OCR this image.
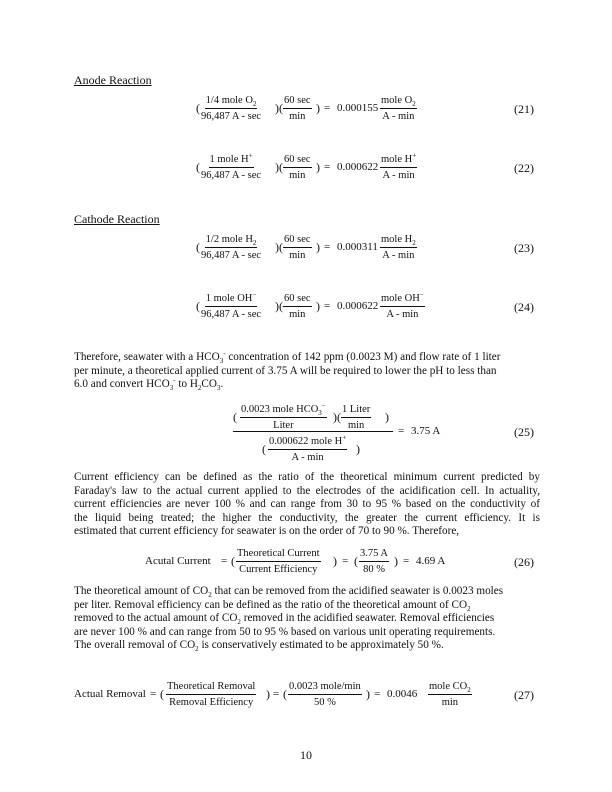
Anode Reaction
(
1/4 mole $O_2$
96,487 A - sec
)(
60 sec
min
) = 0.000155
mole $O_2$
A - min
(21)
(
1 mole H+
96,487 A - sec
)(
60 sec
min
) = 0.000622
mole H+
A - min
(22)
Cathode Reaction
(
1/2 mole $H_2$
96,487 A - sec
)(
60 sec
min
) = 0.000311
mole $H_2$
A - min
(23)
(
1 mole OH−
96,487 A - sec
)(
60 sec
min
) = 0.000622
mole OH−
A - min
(24)
Therefore, seawater with a $HCO_3^-$ concentration of 142 ppm (0.0023 M) and flow rate of 1 liter
per minute, a theoretical applied current of 3.75 A will be required to lower the pH to less than
6.0 and convert $HCO_3^-$ to $H_2CO_3$.
(
0.0023 mole $HCO_3^-$
Liter
)(
1 Liter
min
)
(
0.000622 mole H+
A - min
)
= 3.75 A	(25)
Current efficiency can be defined as the ratio of the theoretical minimum current predicted by
Faraday's law to the actual current applied to the electrodes of the acidification cell. In actuality,
current efficiencies are never 100 % and can range from 30 to 95 % based on the conductivity of
the liquid being treated; the higher the conductivity, the greater the current efficiency. It is
estimated that current efficiency for seawater is on the order of 70 to 90 %. Therefore,
Acutal Current = (
Theoretical Current
Current Efficiency
) = ( $\frac{3.75 A}{80 \%}$ ) = 4.69 A	(26)
The theoretical amount of $CO_2$ that can be removed from the acidified seawater is 0.0023 moles
per liter. Removal efficiency can be defined as the ratio of the theoretical amount of $CO_2$
removed to the actual amount of $CO_2$ removed in the acidified seawater. Removal efficiencies
are never 100 % and can range from 50 to 95 % based on various unit operating requirements.
The overall removal of $CO_2$ is conservatively estimated to be approximately 50 %.
Actual Removal = (
Theoretical Removal
Removal Efficiency
) = (
0.0023 mole/min
50 %
) = 0.0046
mole $CO_2$
min
(27)
10
